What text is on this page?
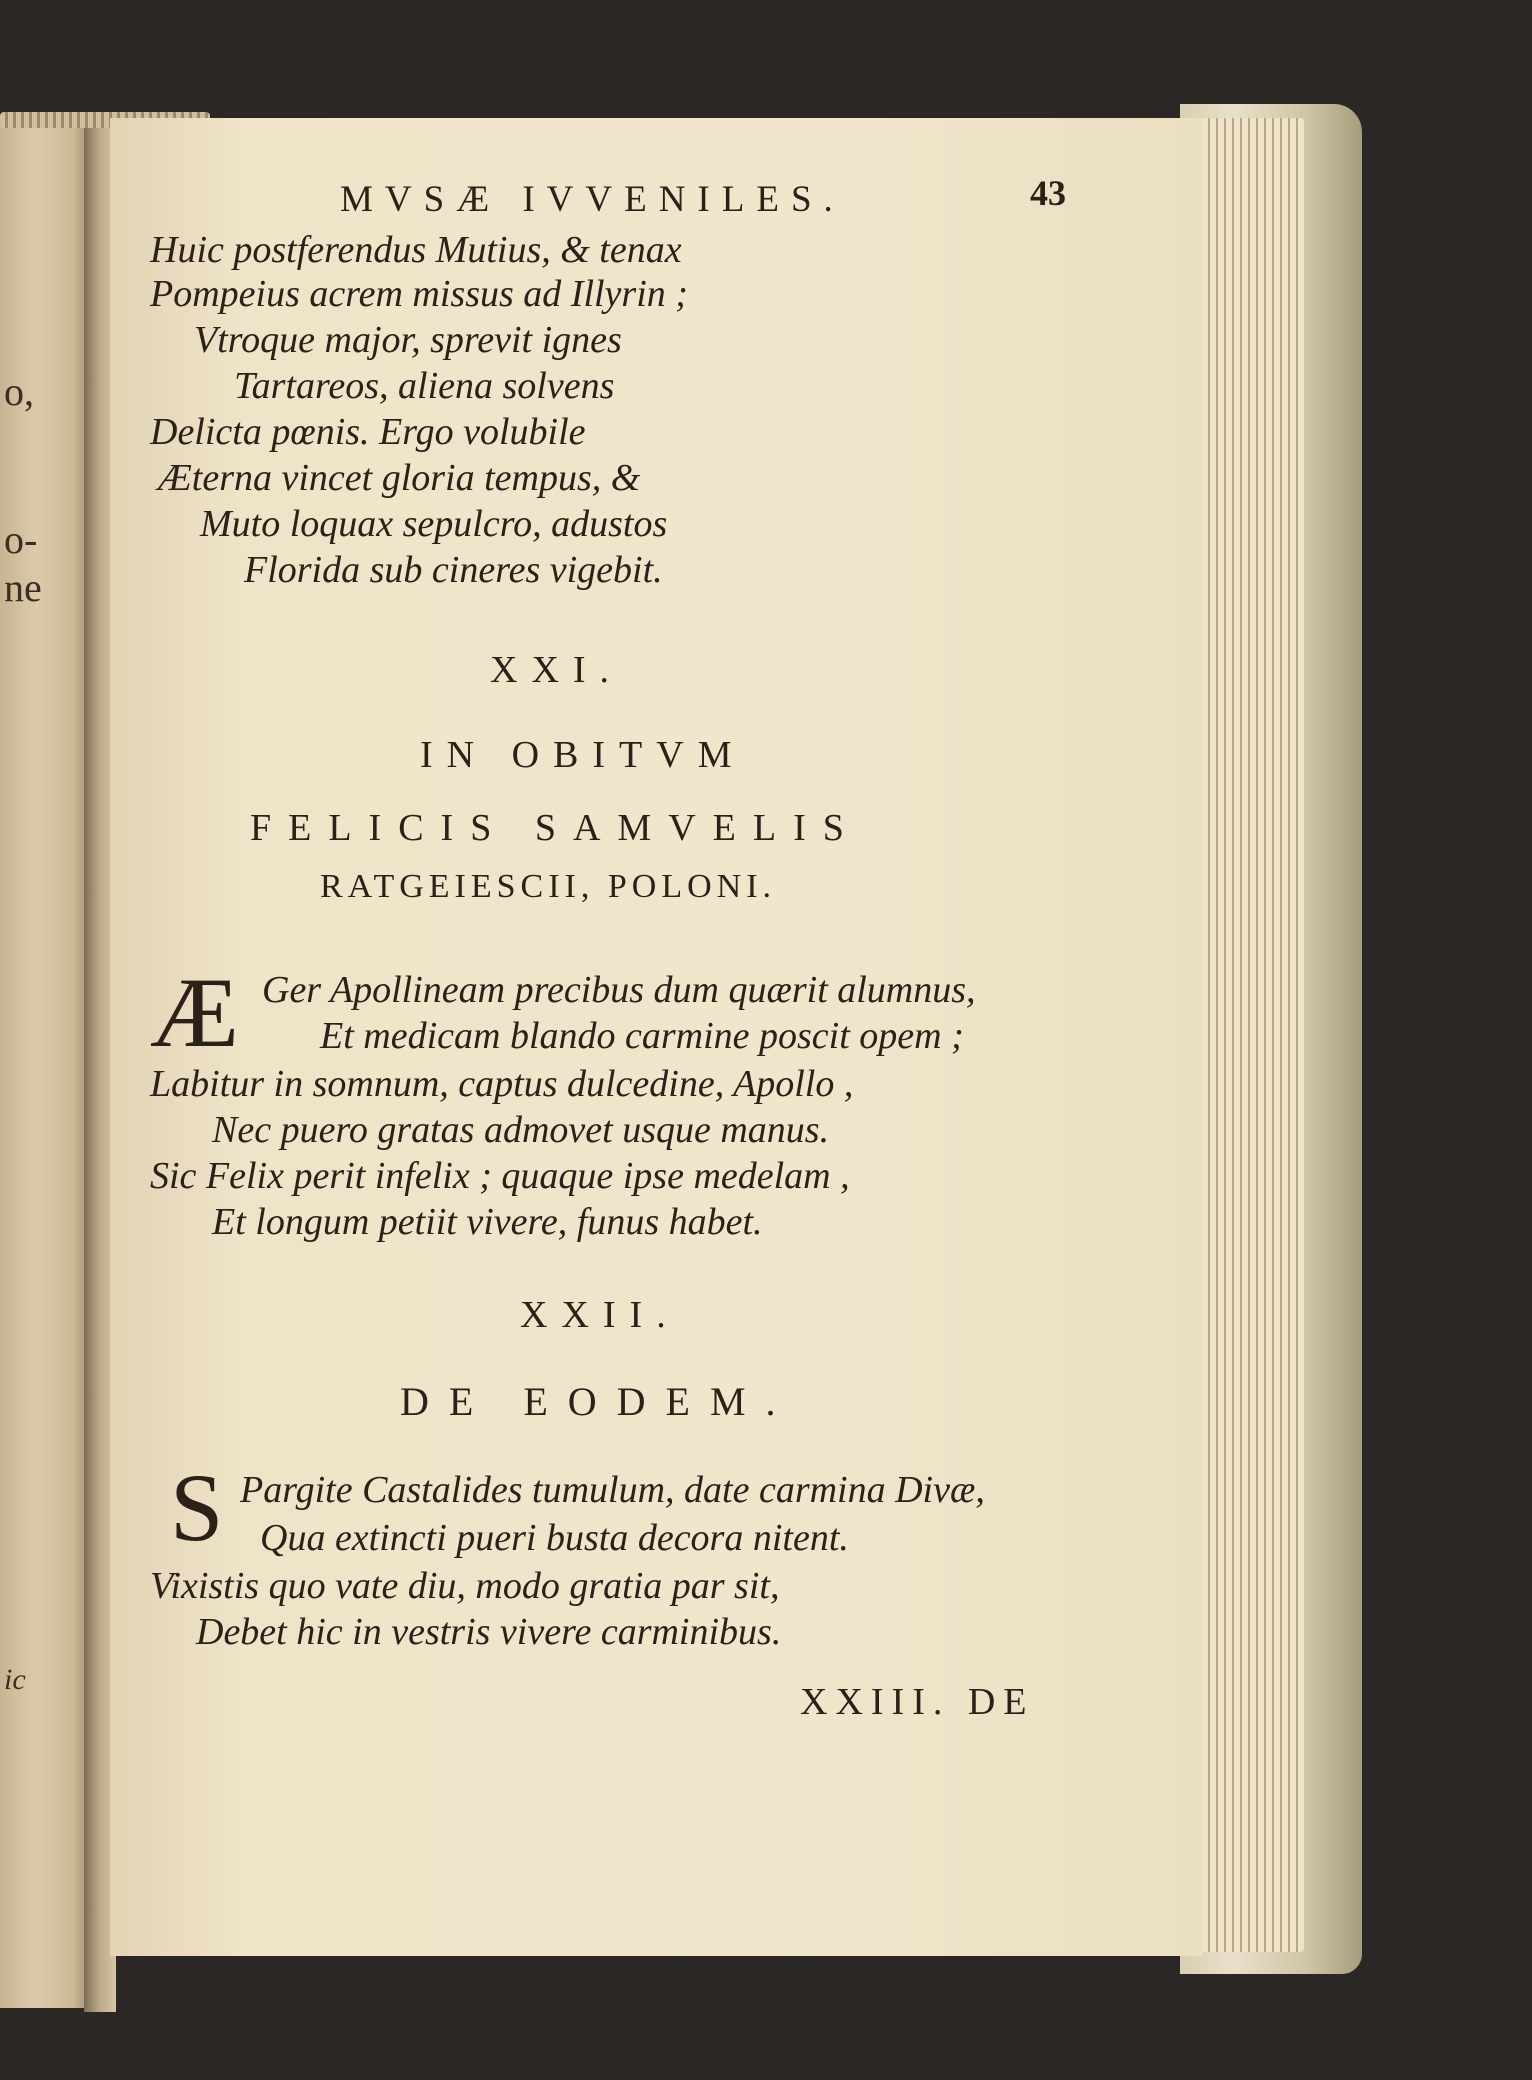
o,
o-
ne
ic
MVSÆ IVVENILES.	43
Huic postferendus Mutius, & tenax
Pompeius acrem missus ad Illyrin ;
Vtroque major, sprevit ignes
Tartareos, aliena solvens
Delicta pœnis. Ergo volubile
Æterna vincet gloria tempus, &
Muto loquax sepulcro, adustos
Florida sub cineres vigebit.
XXI.
IN OBITVM
FELICIS SAMVELIS
RATGEIESCII, POLONI.
Æ Ger Apollineam precibus dum quærit alumnus,
Et medicam blando carmine poscit opem ;
Labitur in somnum, captus dulcedine, Apollo ,
Nec puero gratas admovet usque manus.
Sic Felix perit infelix ; quaque ipse medelam ,
Et longum petiit vivere, funus habet.
XXII.
DE EODEM.
S Pargite Castalides tumulum, date carmina Divæ,
Qua extincti pueri busta decora nitent.
Vixistis quo vate diu, modo gratia par sit,
Debet hic in vestris vivere carminibus.
XXIII. DE
